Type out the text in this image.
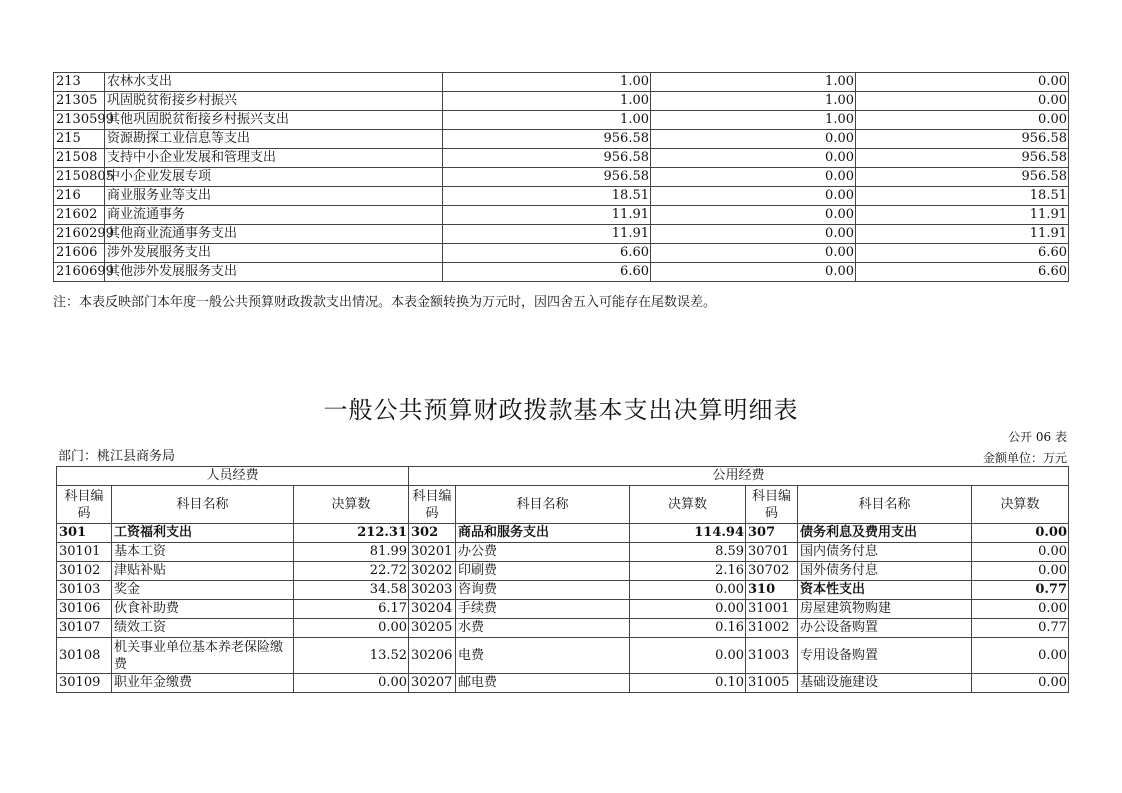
213	农林水支出	1.00	1.00	0.00
21305	巩固脱贫衔接乡村振兴	1.00	1.00	0.00
2130599	其他巩固脱贫衔接乡村振兴支出	1.00	1.00	0.00
215	资源勘探工业信息等支出	956.58	0.00	956.58
21508	支持中小企业发展和管理支出	956.58	0.00	956.58
2150805	中小企业发展专项	956.58	0.00	956.58
216	商业服务业等支出	18.51	0.00	18.51
21602	商业流通事务	11.91	0.00	11.91
2160299	其他商业流通事务支出	11.91	0.00	11.91
21606	涉外发展服务支出	6.60	0.00	6.60
2160699	其他涉外发展服务支出	6.60	0.00	6.60
注：本表反映部门本年度一般公共预算财政拨款支出情况。本表金额转换为万元时，因四舍五入可能存在尾数误差。
一般公共预算财政拨款基本支出决算明细表
公开 06 表
部门：桃江县商务局	金额单位：万元
人员经费			公用经费					
科目编码	科目名称	决算数	科目编码	科目名称	决算数	科目编码	科目名称	决算数
301	工资福利支出	212.31	302	商品和服务支出	114.94	307	债务利息及费用支出	0.00
30101	基本工资	81.99	30201	办公费	8.59	30701	国内债务付息	0.00
30102	津贴补贴	22.72	30202	印刷费	2.16	30702	国外债务付息	0.00
30103	奖金	34.58	30203	咨询费	0.00	310	资本性支出	0.77
30106	伙食补助费	6.17	30204	手续费	0.00	31001	房屋建筑物购建	0.00
30107	绩效工资	0.00	30205	水费	0.16	31002	办公设备购置	0.77
30108	机关事业单位基本养老保险缴费	13.52	30206	电费	0.00	31003	专用设备购置	0.00
30109	职业年金缴费	0.00	30207	邮电费	0.10	31005	基础设施建设	0.00
